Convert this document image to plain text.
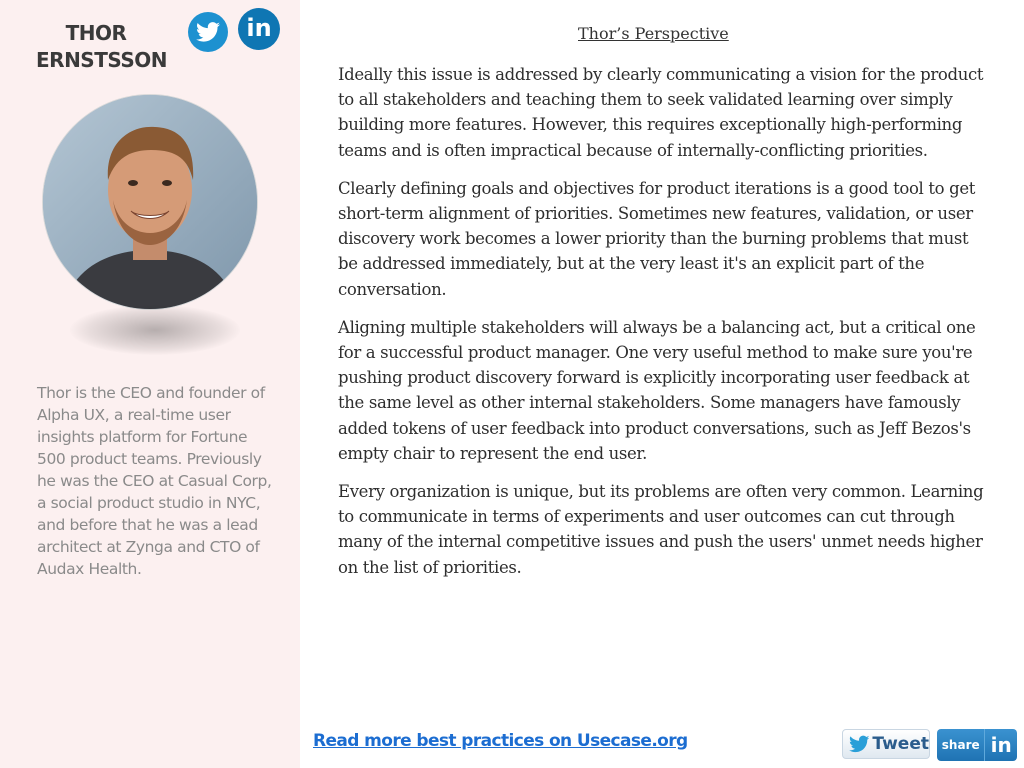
THOR
ERNSTSSON
in
Thor is the CEO and founder of Alpha UX, a real-time user insights platform for Fortune 500 product teams. Previously he was the CEO at Casual Corp, a social product studio in NYC, and before that he was a lead architect at Zynga and CTO of Audax Health.
Thor’s Perspective

Ideally this issue is addressed by clearly communicating a vision for the product to all stakeholders and teaching them to seek validated learning over simply building more features. However, this requires exceptionally high-performing teams and is often impractical because of internally-conflicting priorities.

Clearly defining goals and objectives for product iterations is a good tool to get short-term alignment of priorities. Sometimes new features, validation, or user discovery work becomes a lower priority than the burning problems that must be addressed immediately, but at the very least it's an explicit part of the conversation.

Aligning multiple stakeholders will always be a balancing act, but a critical one for a successful product manager. One very useful method to make sure you're pushing product discovery forward is explicitly incorporating user feedback at the same level as other internal stakeholders. Some managers have famously added tokens of user feedback into product conversations, such as Jeff Bezos's empty chair to represent the end user.

Every organization is unique, but its problems are often very common. Learning to communicate in terms of experiments and user outcomes can cut through many of the internal competitive issues and push the users' unmet needs higher on the list of priorities.

Read more best practices on Usecase.org	Tweet	share in
